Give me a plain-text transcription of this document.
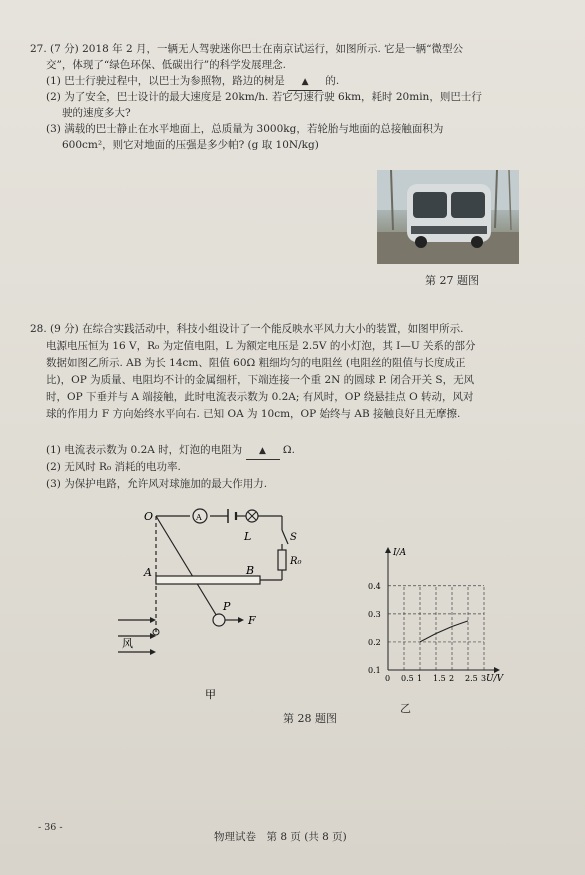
27. (7 分) 2018 年 2 月，一辆无人驾驶迷你巴士在南京试运行，如图所示. 它是一辆“微型公
交”，体现了“绿色环保、低碳出行”的科学发展理念.
(1) 巴士行驶过程中，以巴士为参照物，路边的树是 ▲ 的.
(2) 为了安全，巴士设计的最大速度是 20km/h. 若它匀速行驶 6km，耗时 20min，则巴士行
驶的速度多大?
(3) 满载的巴士静止在水平地面上，总质量为 3000kg，若轮胎与地面的总接触面积为
600cm²，则它对地面的压强是多少帕? (g 取 10N/kg)
第 27 题图
28. (9 分) 在综合实践活动中，科技小组设计了一个能反映水平风力大小的装置，如图甲所示.
电源电压恒为 16 V，R₀ 为定值电阻，L 为额定电压是 2.5V 的小灯泡，其 I—U 关系的部分
数据如图乙所示. AB 为长 14cm、阻值 60Ω 粗细均匀的电阻丝 (电阻丝的阻值与长度成正
比)，OP 为质量、电阻均不计的金属细杆，下端连接一个重 2N 的圆球 P. 闭合开关 S，无风
时，OP 下垂并与 A 端接触，此时电流表示数为 0.2A; 有风时，OP 绕悬挂点 O 转动，风对
球的作用力 F 方向始终水平向右. 已知 OA 为 10cm，OP 始终与 AB 接触良好且无摩擦.
(1) 电流表示数为 0.2A 时，灯泡的电阻为 ▲ Ω.
(2) 无风时 R₀ 消耗的电功率.
(3) 为保护电路，允许风对球施加的最大作用力.
O	A
L	S
R₀
A	B
P
F
风
甲
第 28 题图
0 0.5 1 1.5 2 2.5 3
0.1
0.2
0.3
0.4
I/A
U/V
乙
- 36 -
物理试卷　第 8 页 (共 8 页)
